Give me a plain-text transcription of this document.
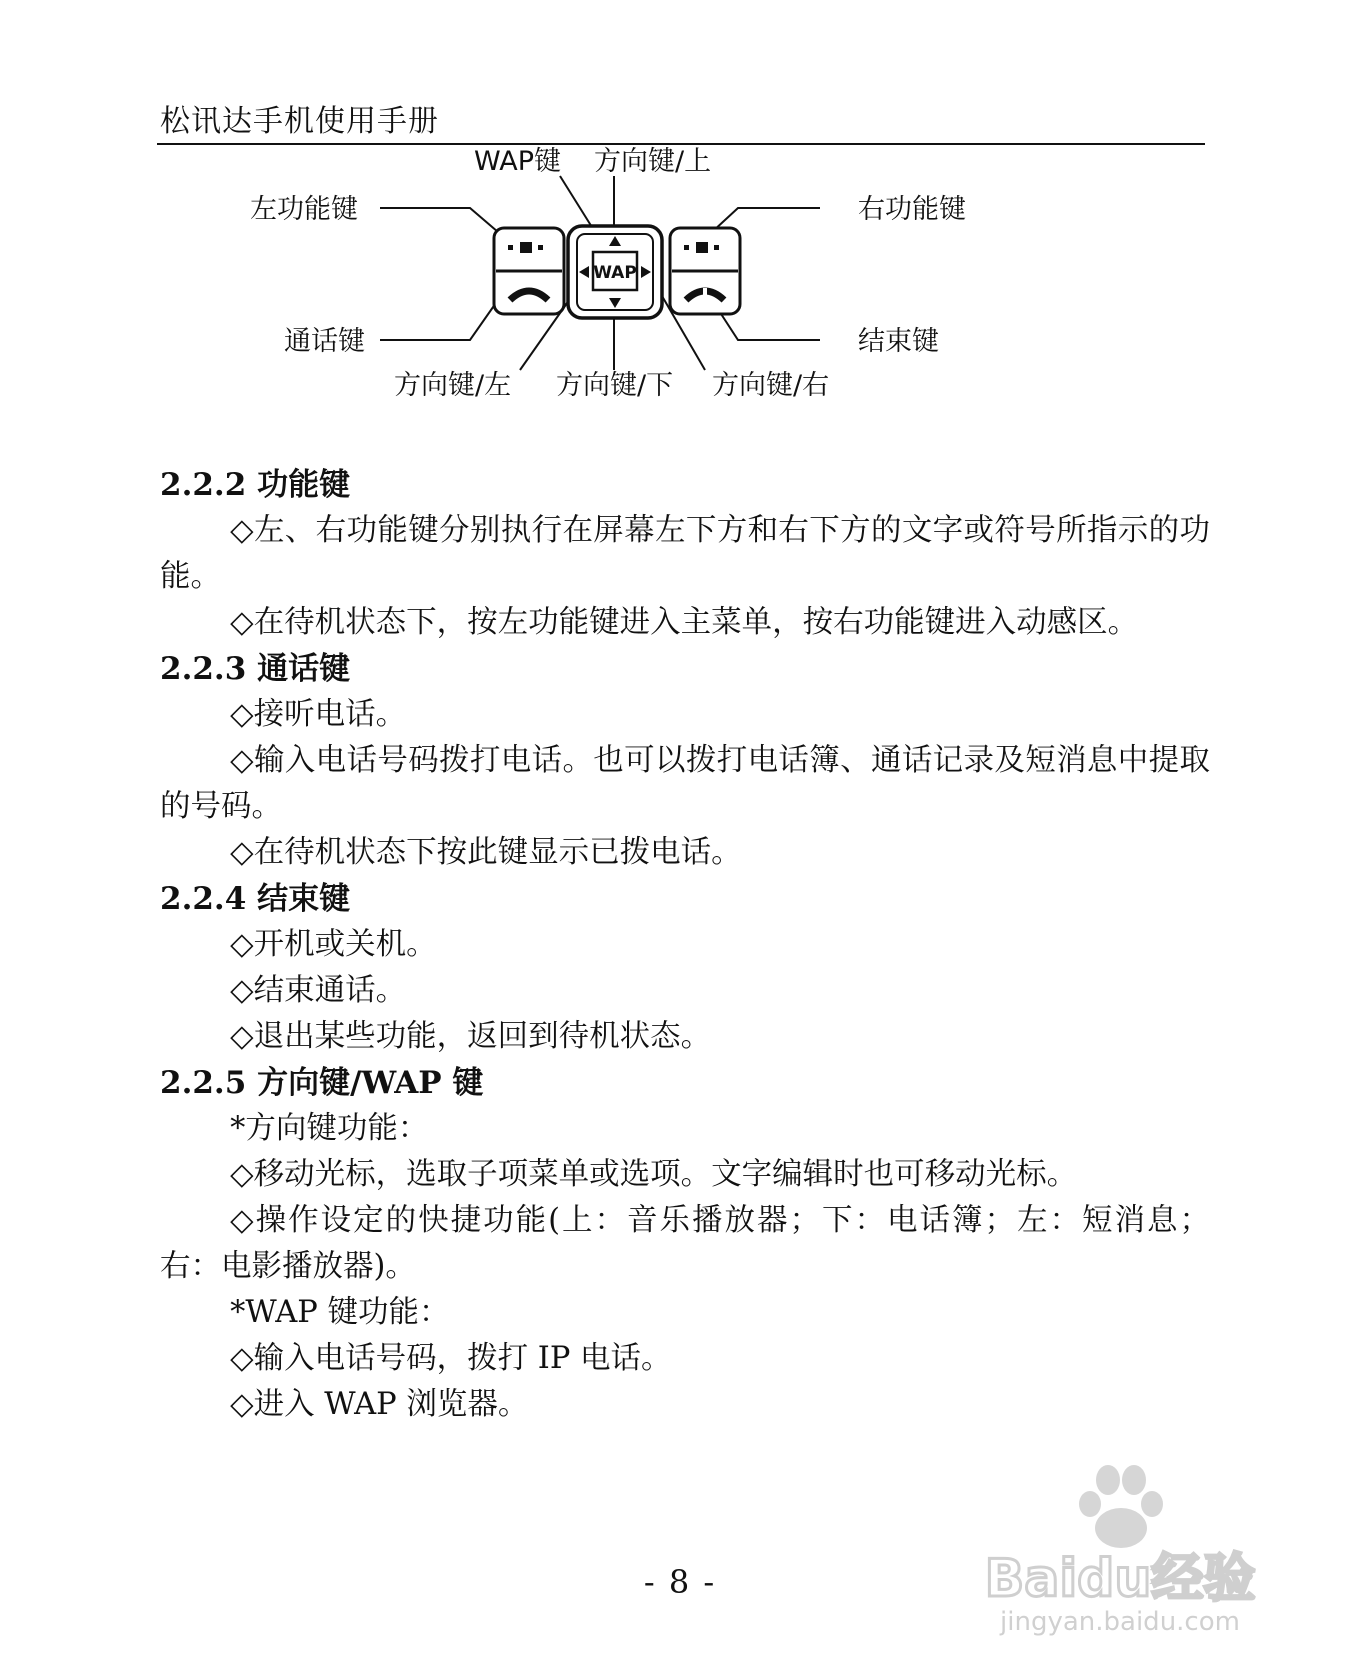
松讯达手机使用手册
WAP
WAP键 方向键/上
左功能键	右功能键
通话键	结束键
方向键/左 方向键/下 方向键/右
2.2.2 功能键
◇左、右功能键分别执行在屏幕左下方和右下方的文字或符号所指示的功能。
◇在待机状态下，按左功能键进入主菜单，按右功能键进入动感区。
2.2.3 通话键
◇接听电话。
◇输入电话号码拨打电话。也可以拨打电话簿、通话记录及短消息中提取的号码。
◇在待机状态下按此键显示已拨电话。
2.2.4 结束键
◇开机或关机。
◇结束通话。
◇退出某些功能，返回到待机状态。
2.2.5 方向键/WAP 键
*方向键功能：
◇移动光标，选取子项菜单或选项。文字编辑时也可移动光标。
◇操作设定的快捷功能(上：音乐播放器；下：电话簿；左：短消息；右：电影播放器)。
*WAP 键功能：
◇输入电话号码，拨打 IP 电话。
◇进入 WAP 浏览器。
- 8 -	Baidu经验
jingyan.baidu.com
